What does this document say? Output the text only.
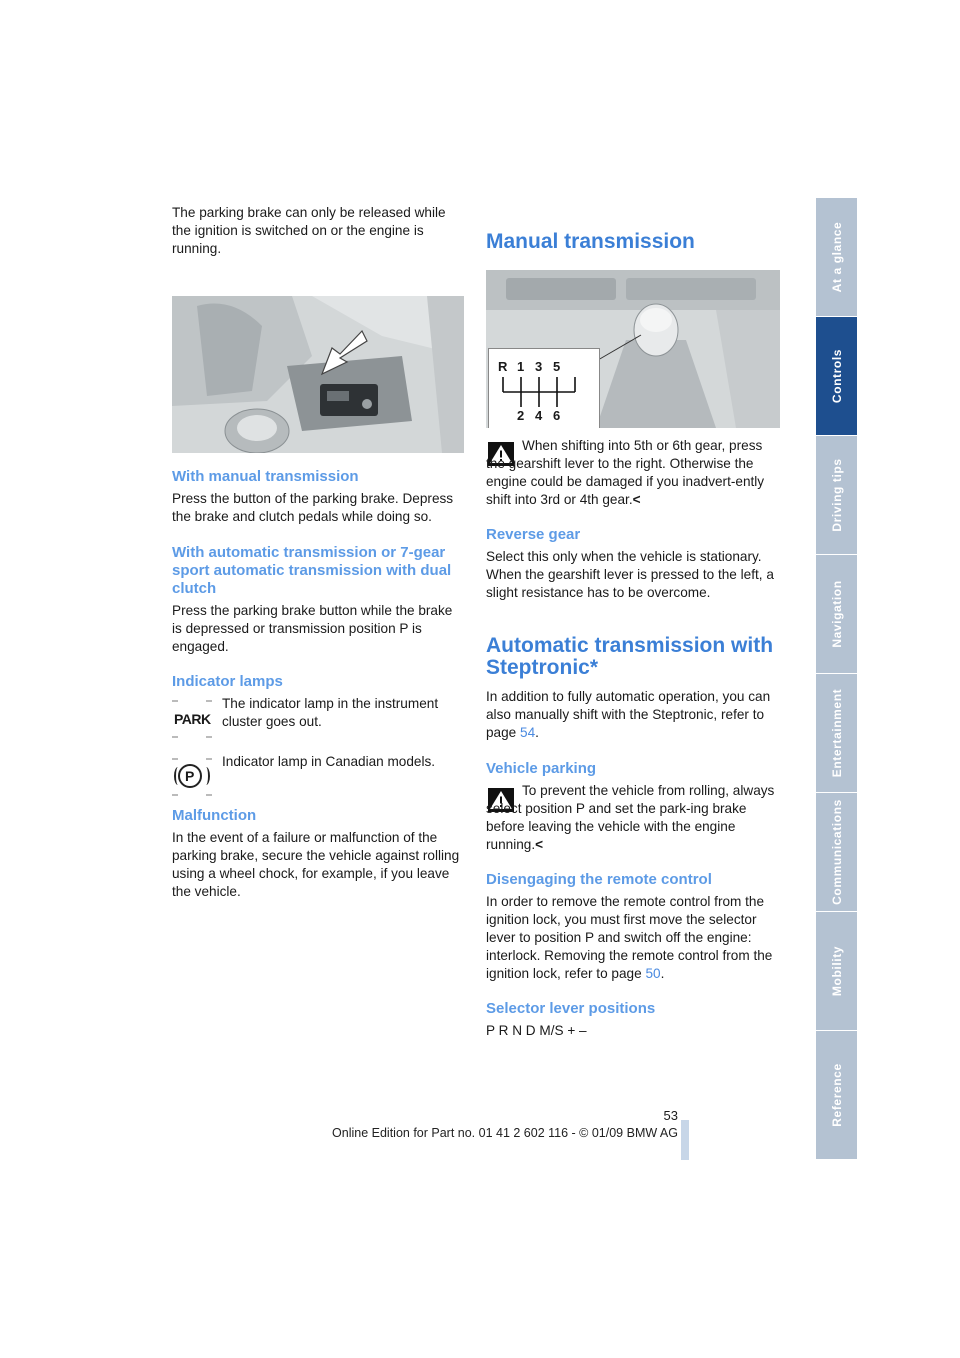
The parking brake can only be released while the ignition is switched on or the engine is running.

With manual transmission

Press the button of the parking brake. Depress the brake and clutch pedals while doing so.

With automatic transmission or 7-gear

sport automatic transmission with dual

clutch

Press the parking brake button while the brake is depressed or transmission position P is engaged.

Indicator lamps

PARK

The indicator lamp in the instrument cluster goes out.

P

Indicator lamp in Canadian models.

Malfunction

In the event of a failure or malfunction of the parking brake, secure the vehicle against rolling using a wheel chock, for example, if you leave the vehicle.

Manual transmission

R 1 3 5
2 4 6

When shifting into 5th or 6th gear, press the gearshift lever to the right. Otherwise the engine could be damaged if you inadvert-ently shift into 3rd or 4th gear.<

Reverse gear

Select this only when the vehicle is stationary. When the gearshift lever is pressed to the left, a slight resistance has to be overcome.

Automatic transmission with

Steptronic*

In addition to fully automatic operation, you can also manually shift with the Steptronic, refer to page 54.

Vehicle parking

To prevent the vehicle from rolling, always select position P and set the park-ing brake before leaving the vehicle with the engine running.<

Disengaging the remote control

In order to remove the remote control from the ignition lock, you must first move the selector lever to position P and switch off the engine: interlock. Removing the remote control from the ignition lock, refer to page 50.

Selector lever positions

P R N D M/S + –

At a glance
Controls
Driving tips
Navigation
Entertainment
Communications
Mobility
Reference
53
Online Edition for Part no. 01 41 2 602 116 - © 01/09 BMW AG
